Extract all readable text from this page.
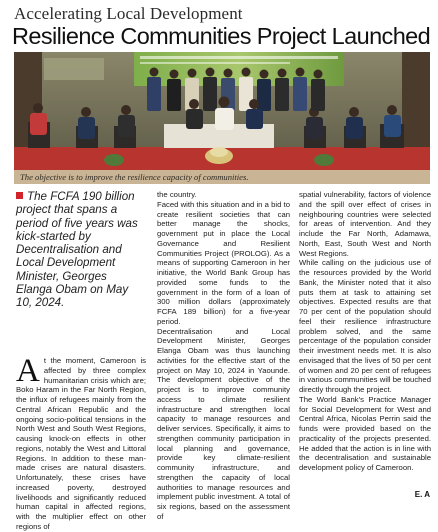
Accelerating Local Development
Resilience Communities Project Launched
The objective is to improve the resilience capacity of communities.
The FCFA 190 billion project that spans a period of five years was kick-started by Decentralisation and Local Development Minister, Georges Elanga Obam on May 10, 2024.

At the moment, Cameroon is affected by three complex humanitarian crisis which are; Boko Haram in the Far North Region, the influx of refugees mainly from the Central African Republic and the ongoing socio-political tensions in the North West and South West Regions, causing knock-on effects in other regions, notably the West and Littoral Regions. In addition to these man-made crises are natural disasters. Unfortunately, these crises have increased poverty, destroyed livelihoods and significantly reduced human capital in affected regions, with the multiplier effect on other regions of

the country.

Faced with this situation and in a bid to create resilient societies that can better manage the shocks, government put in place the Local Governance and Resilient Communities Project (PROLOG). As a means of supporting Cameroon in her initiative, the World Bank Group has provided some funds to the government in the form of a loan of 300 million dollars (approximately FCFA 189 billion) for a five-year period.

Decentralisation and Local Development Minister, Georges Elanga Obam was thus launching activities for the effective start of the project on May 10, 2024 in Yaounde. The development objective of the project is to improve community access to climate resilient infrastructure and strengthen local capacity to manage resources and deliver services. Specifically, it aims to strengthen community participation in local planning and governance, provide key climate-resilient community infrastructure, and strengthen the capacity of local authorities to manage resources and implement public investment. A total of six regions, based on the assessment of

spatial vulnerability, factors of violence and the spill over effect of crises in neighbouring countries were selected for areas of intervention. And they include the Far North, Adamawa, North, East, South West and North West Regions.

While calling on the judicious use of the resources provided by the World Bank, the Minister noted that it also puts them at task to attaining set objectives. Expected results are that 70 per cent of the population should feel their resilience infrastructure problem solved, and the same percentage of the population consider their investment needs met. It is also envisaged that the lives of 50 per cent of women and 20 per cent of refugees in various communities will be touched directly through the project.

The World Bank's Practice Manager for Social Development for West and Central Africa, Nicolas Perrin said the funds were provided based on the practicality of the projects presented. He added that the action is in line with the decentralisation and sustainable development policy of Cameroon.

E. A
